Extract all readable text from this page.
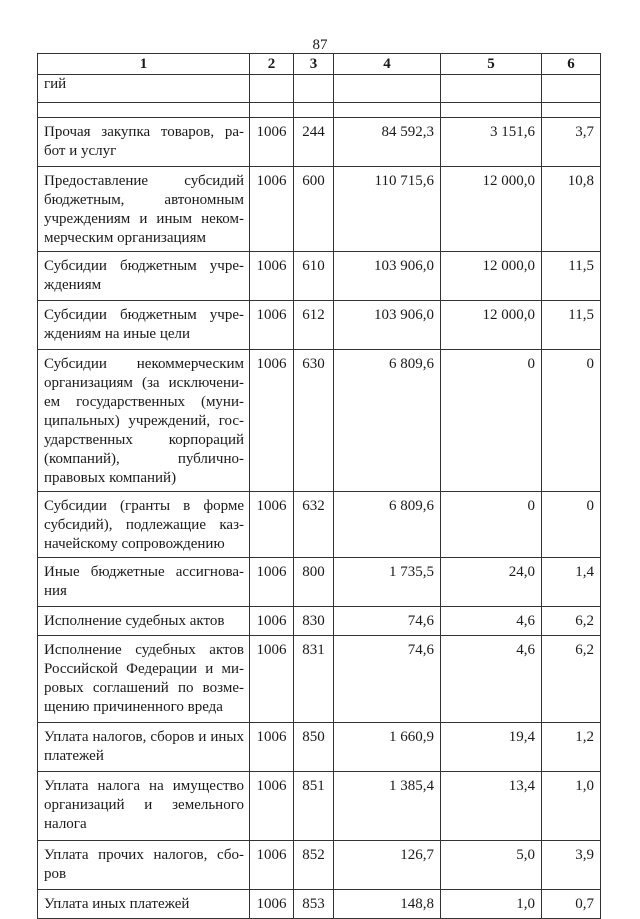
87
1	2	3	4	5	6
гий					

Прочая закупка товаров, ра-бот и услуг	1006	244	84 592,3	3 151,6	3,7
Предоставление субсидий бюджетным, автономным учреждениям и иным неком-мерческим организациям	1006	600	110 715,6	12 000,0	10,8
Субсидии бюджетным учре-ждениям	1006	610	103 906,0	12 000,0	11,5
Субсидии бюджетным учре-ждениям на иные цели	1006	612	103 906,0	12 000,0	11,5
Субсидии некоммерческим организациям (за исключени-ем государственных (муни-ципальных) учреждений, гос-ударственных корпораций (компаний), публично-правовых компаний)	1006	630	6 809,6	0	0
Субсидии (гранты в форме субсидий), подлежащие каз-начейскому сопровождению	1006	632	6 809,6	0	0
Иные бюджетные ассигнова-ния	1006	800	1 735,5	24,0	1,4
Исполнение судебных актов	1006	830	74,6	4,6	6,2
Исполнение судебных актов Российской Федерации и ми-ровых соглашений по возме-щению причиненного вреда	1006	831	74,6	4,6	6,2
Уплата налогов, сборов и иных платежей	1006	850	1 660,9	19,4	1,2
Уплата налога на имущество организаций и земельного налога	1006	851	1 385,4	13,4	1,0
Уплата прочих налогов, сбо-ров	1006	852	126,7	5,0	3,9
Уплата иных платежей	1006	853	148,8	1,0	0,7
